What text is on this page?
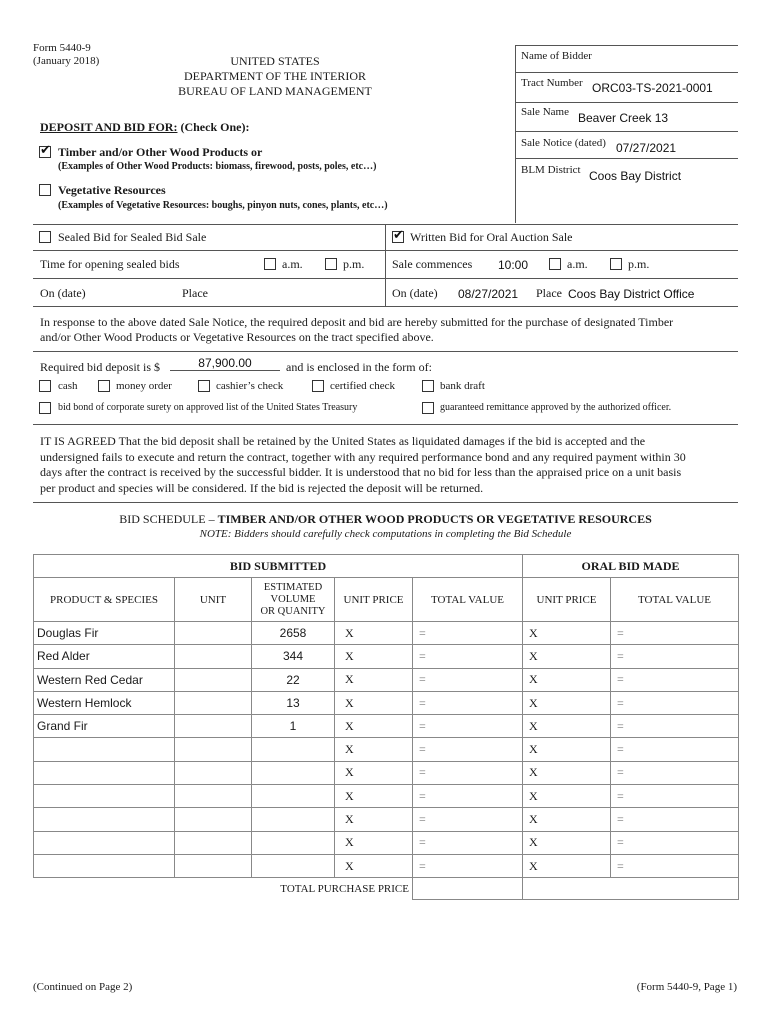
Form 5440-9
(January 2018)	UNITED STATES
DEPARTMENT OF THE INTERIOR
BUREAU OF LAND MANAGEMENT
Name of Bidder
Tract Number ORC03-TS-2021-0001
Sale Name Beaver Creek 13
Sale Notice (dated) 07/27/2021
BLM District Coos Bay District
DEPOSIT AND BID FOR: (Check One):
✔
Timber and/or Other Wood Products or
(Examples of Other Wood Products: biomass, firewood, posts, poles, etc…)
Vegetative Resources
(Examples of Vegetative Resources: boughs, pinyon nuts, cones, plants, etc…)
Sealed Bid for Sealed Bid Sale ✔	Written Bid for Oral Auction Sale
Time for opening sealed bids	a.m.	p.m. Sale commences 10:00	a.m.	p.m.
On (date)	Place	On (date) 08/27/2021 Place Coos Bay District Office
In response to the above dated Sale Notice, the required deposit and bid are hereby submitted for the purchase of designated Timber
and/or Other Wood Products or Vegetative Resources on the tract specified above.
Required bid deposit is $	87,900.00	and is enclosed in the form of:
cash	money order	cashier’s check	certified check	bank draft
bid bond of corporate surety on approved list of the United States Treasury	guaranteed remittance approved by the authorized officer.
IT IS AGREED That the bid deposit shall be retained by the United States as liquidated damages if the bid is accepted and the
undersigned fails to execute and return the contract, together with any required performance bond and any required payment within 30
days after the contract is received by the successful bidder. It is understood that no bid for less than the appraised price on a unit basis
per product and species will be considered. If the bid is rejected the deposit will be returned.
BID SCHEDULE – TIMBER AND/OR OTHER WOOD PRODUCTS OR VEGETATIVE RESOURCES
NOTE: Bidders should carefully check computations in completing the Bid Schedule
BID SUBMITTED					ORAL BID MADE	
PRODUCT & SPECIES	UNIT	ESTIMATED
VOLUME
OR QUANITY	UNIT PRICE	TOTAL VALUE	UNIT PRICE	TOTAL VALUE
Douglas Fir		2658	X	=	X	=
Red Alder		344	X	=	X	=
Western Red Cedar		22	X	=	X	=
Western Hemlock		13	X	=	X	=
Grand Fir		1	X	=	X	=
			X	=	X	=
			X	=	X	=
			X	=	X	=
			X	=	X	=
			X	=	X	=
			X	=	X	=
TOTAL PURCHASE PRICE						
(Continued on Page 2)	(Form 5440-9, Page 1)
